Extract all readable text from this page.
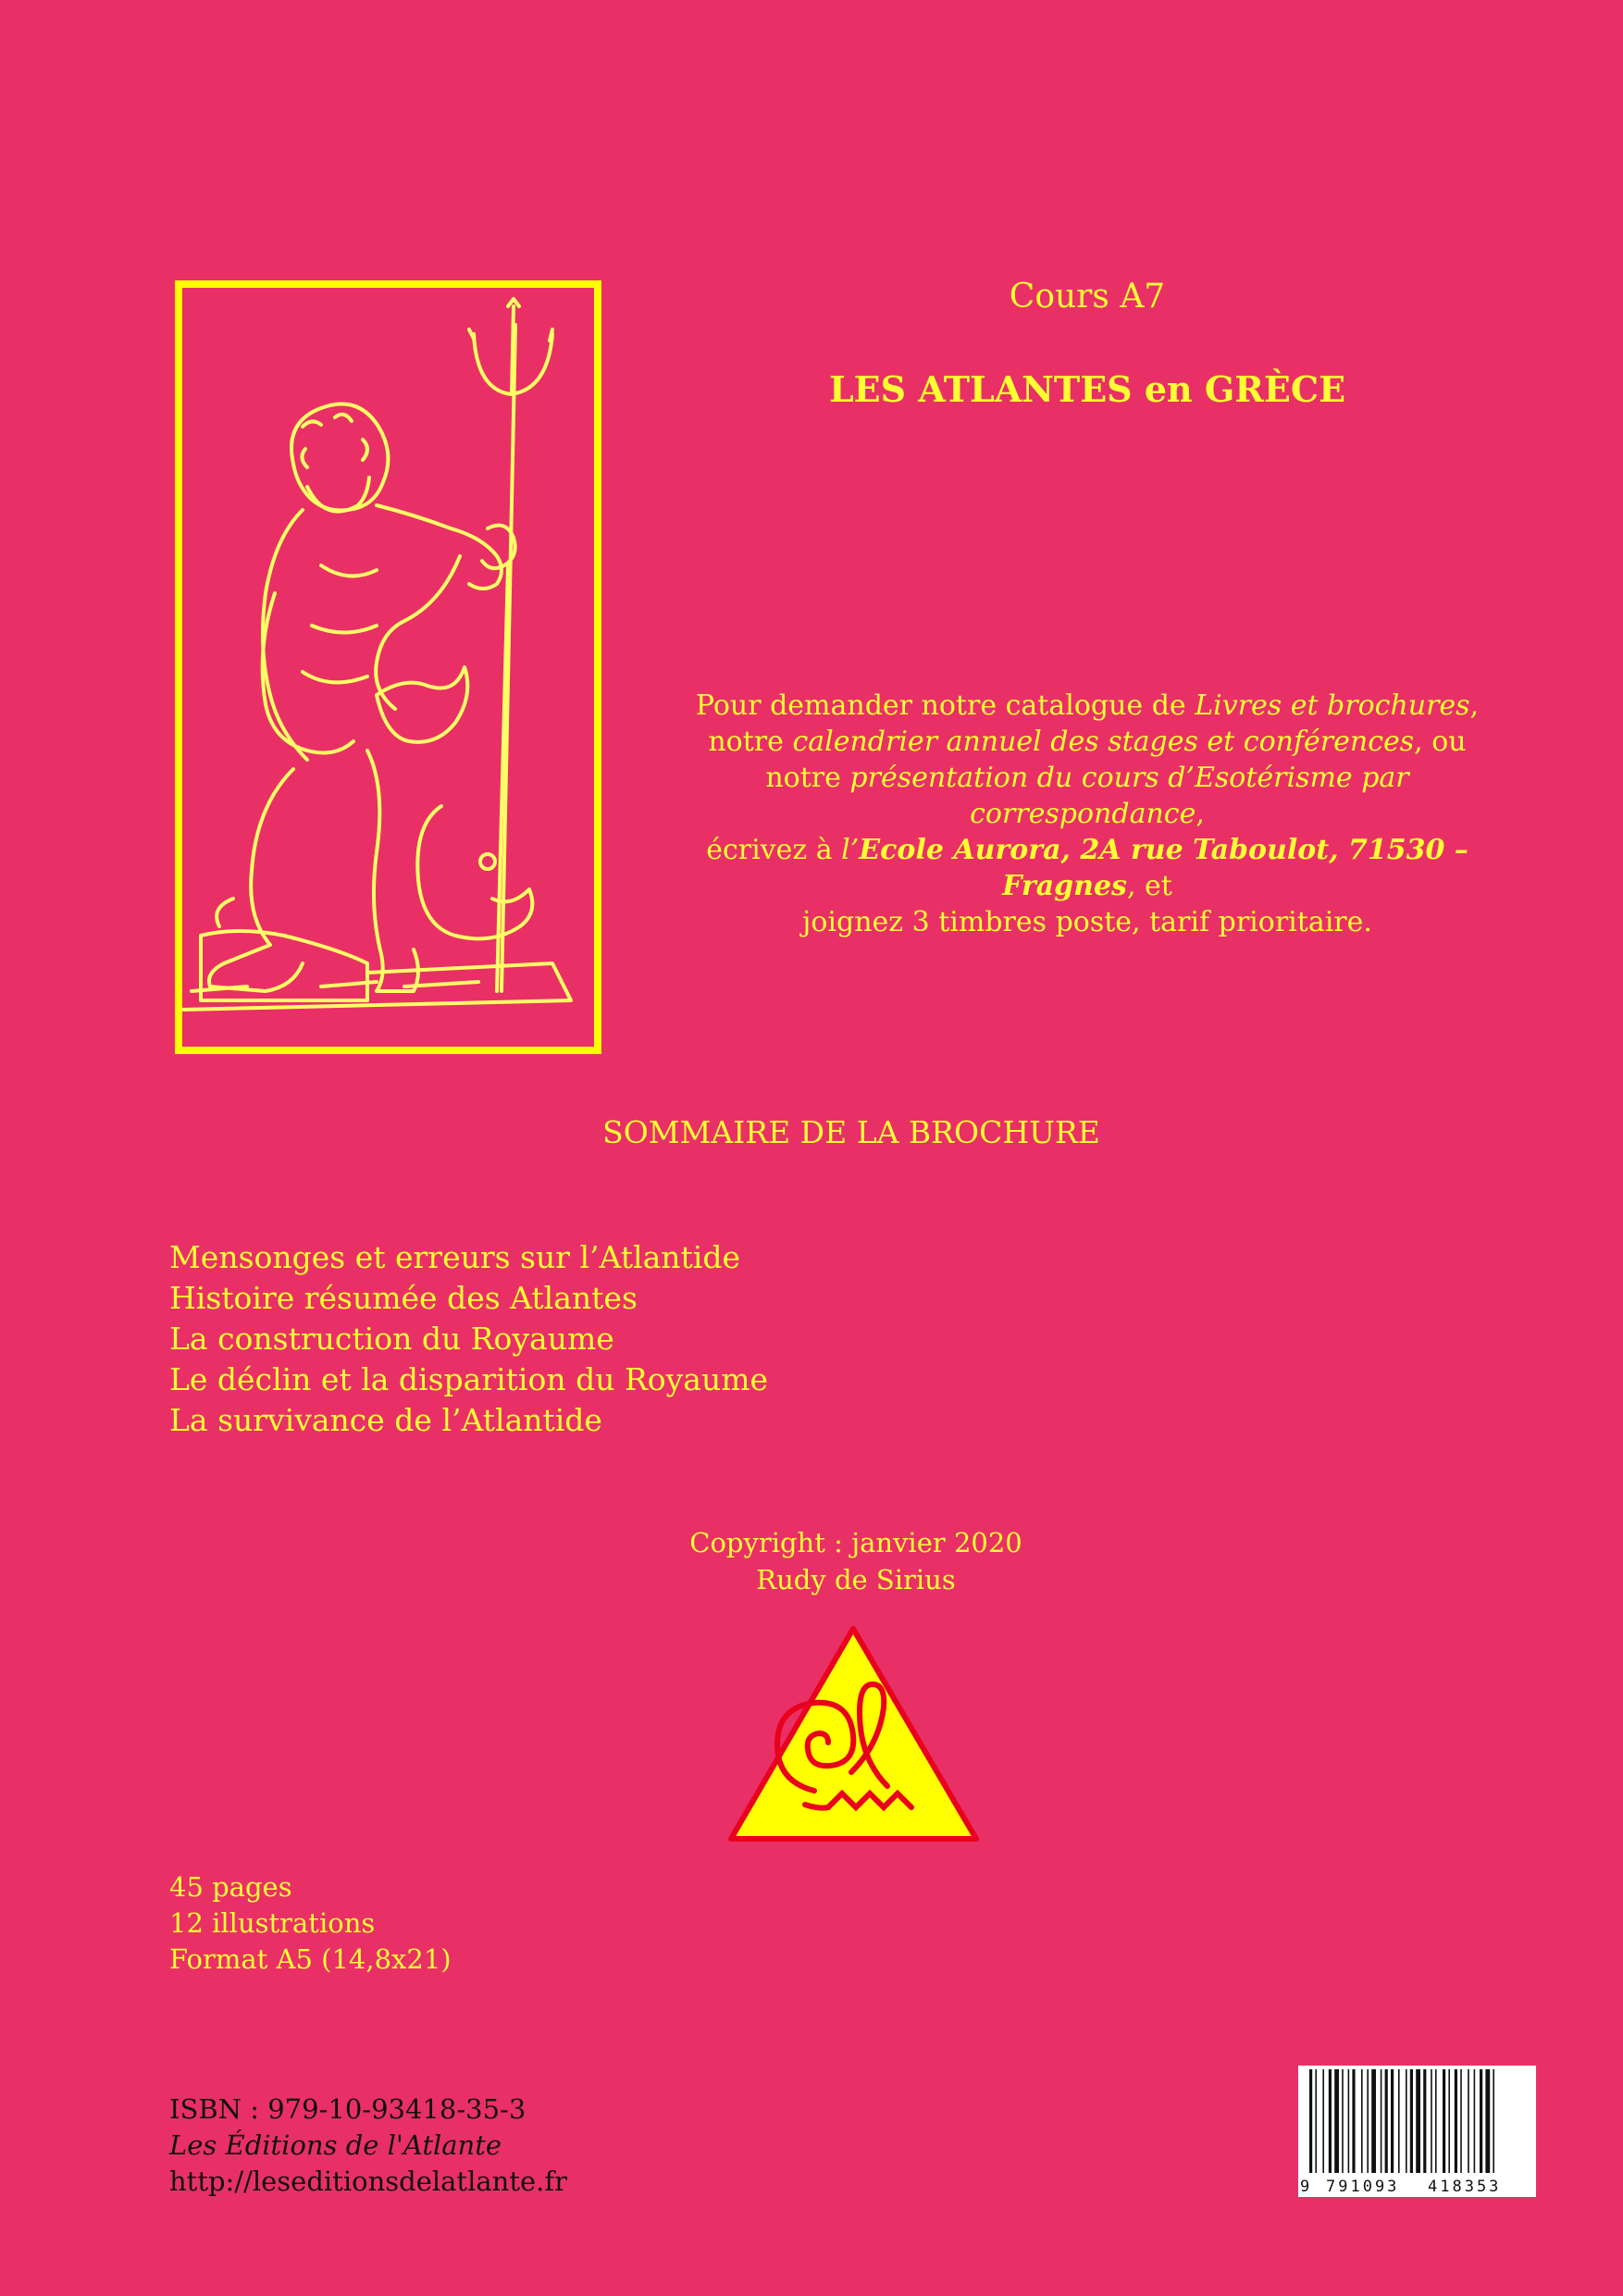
Cours A7
LES ATLANTES en GRÈCE
Pour demander notre catalogue de Livres et brochures,
notre calendrier annuel des stages et conférences, ou
notre présentation du cours d’Esotérisme par correspondance,
écrivez à l’Ecole Aurora, 2A rue Taboulot, 71530 – Fragnes, et
joignez 3 timbres poste, tarif prioritaire.
SOMMAIRE DE LA BROCHURE
Mensonges et erreurs sur l’Atlantide
Histoire résumée des Atlantes
La construction du Royaume
Le déclin et la disparition du Royaume
La survivance de l’Atlantide
Copyright : janvier 2020
Rudy de Sirius
45 pages
12 illustrations
Format A5 (14,8x21)
ISBN : 979-10-93418-35-3
Les Éditions de l'Atlante
http://leseditionsdelatlante.fr	9 791093 418353
